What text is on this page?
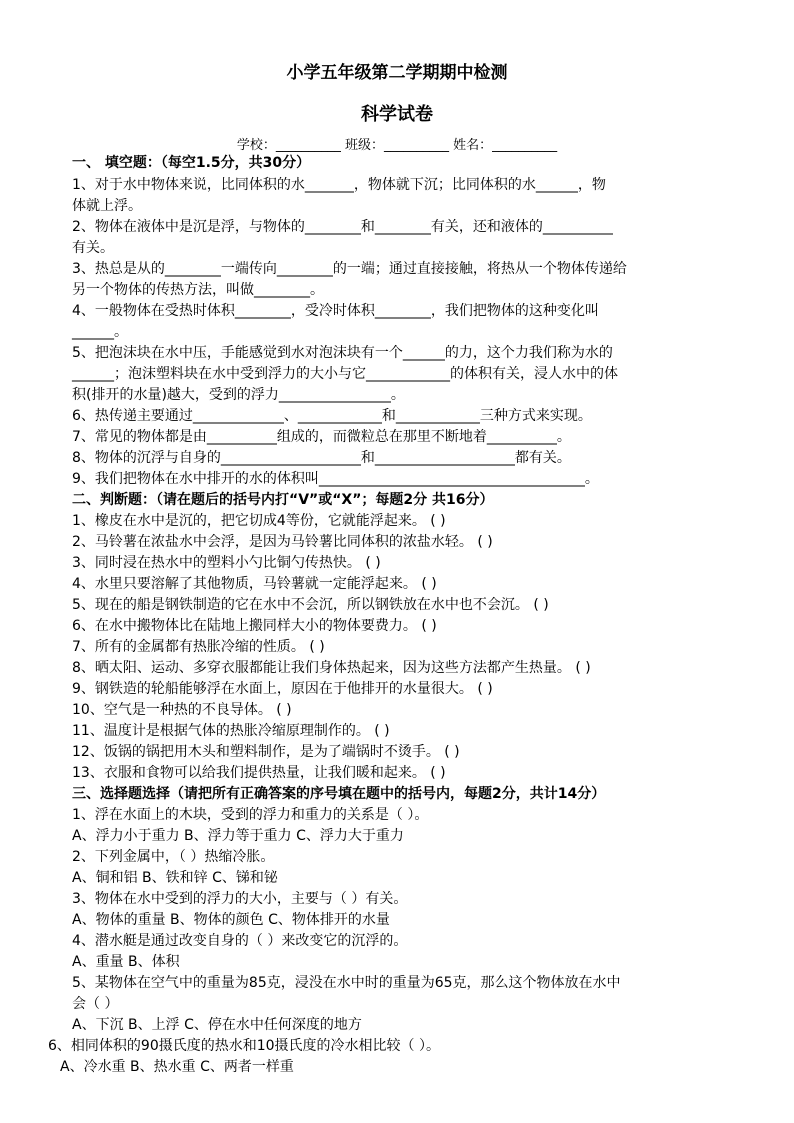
小学五年级第二学期期中检测
科学试卷
学校：__________ 班级：__________ 姓名：__________
一、 填空题：（每空1.5分，共30分）
1、对于水中物体来说，比同体积的水_______，物体就下沉；比同体积的水______，物
体就上浮。
2、物体在液体中是沉是浮，与物体的________和________有关，还和液体的__________
有关。
3、热总是从的________一端传向________的一端；通过直接接触，将热从一个物体传递给
另一个物体的传热方法，叫做________。
4、一般物体在受热时体积________，受冷时体积________，我们把物体的这种变化叫
______。
5、把泡沫块在水中压，手能感觉到水对泡沫块有一个______的力，这个力我们称为水的
______；泡沫塑料块在水中受到浮力的大小与它____________的体积有关，浸人水中的体
积(排开的水量)越大，受到的浮力________________。
6、热传递主要通过_____________、____________和____________三种方式来实现。
7、常见的物体都是由__________组成的，而微粒总在那里不断地着__________。
8、物体的沉浮与自身的____________________和____________________都有关。
9、我们把物体在水中排开的水的体积叫______________________________________。
二、判断题：（请在题后的括号内打“V”或“X”；每题2分 共16分）
1、橡皮在水中是沉的，把它切成4等份，它就能浮起来。 ( )
2、马铃薯在浓盐水中会浮，是因为马铃薯比同体积的浓盐水轻。 ( )
3、同时浸在热水中的塑料小勺比铜勺传热快。 ( )
4、水里只要溶解了其他物质，马铃薯就一定能浮起来。 ( )
5、现在的船是钢铁制造的它在水中不会沉，所以钢铁放在水中也不会沉。 ( )
6、在水中搬物体比在陆地上搬同样大小的物体要费力。 ( )
7、所有的金属都有热胀冷缩的性质。 ( )
8、晒太阳、运动、多穿衣服都能让我们身体热起来，因为这些方法都产生热量。 ( )
9、钢铁造的轮船能够浮在水面上，原因在于他排开的水量很大。 ( )
10、空气是一种热的不良导体。 ( )
11、温度计是根据气体的热胀冷缩原理制作的。 ( )
12、饭锅的锅把用木头和塑料制作，是为了端锅时不烫手。 ( )
13、衣服和食物可以给我们提供热量，让我们暖和起来。 ( )
三、选择题选择（请把所有正确答案的序号填在题中的括号内，每题2分，共计14分）
1、浮在水面上的木块，受到的浮力和重力的关系是（ ）。
A、浮力小于重力 B、浮力等于重力 C、浮力大于重力
2、下列金属中，（ ）热缩冷胀。
A、铜和铝 B、铁和锌 C、锑和铋
3、物体在水中受到的浮力的大小，主要与（ ）有关。
A、物体的重量 B、物体的颜色 C、物体排开的水量
4、潜水艇是通过改变自身的（ ）来改变它的沉浮的。
A、重量 B、体积
5、某物体在空气中的重量为85克，浸没在水中时的重量为65克，那么这个物体放在水中
会（ ）
A、下沉 B、上浮 C、停在水中任何深度的地方
6、相同体积的90摄氏度的热水和10摄氏度的冷水相比较（ ）。
A、冷水重 B、热水重 C、两者一样重
